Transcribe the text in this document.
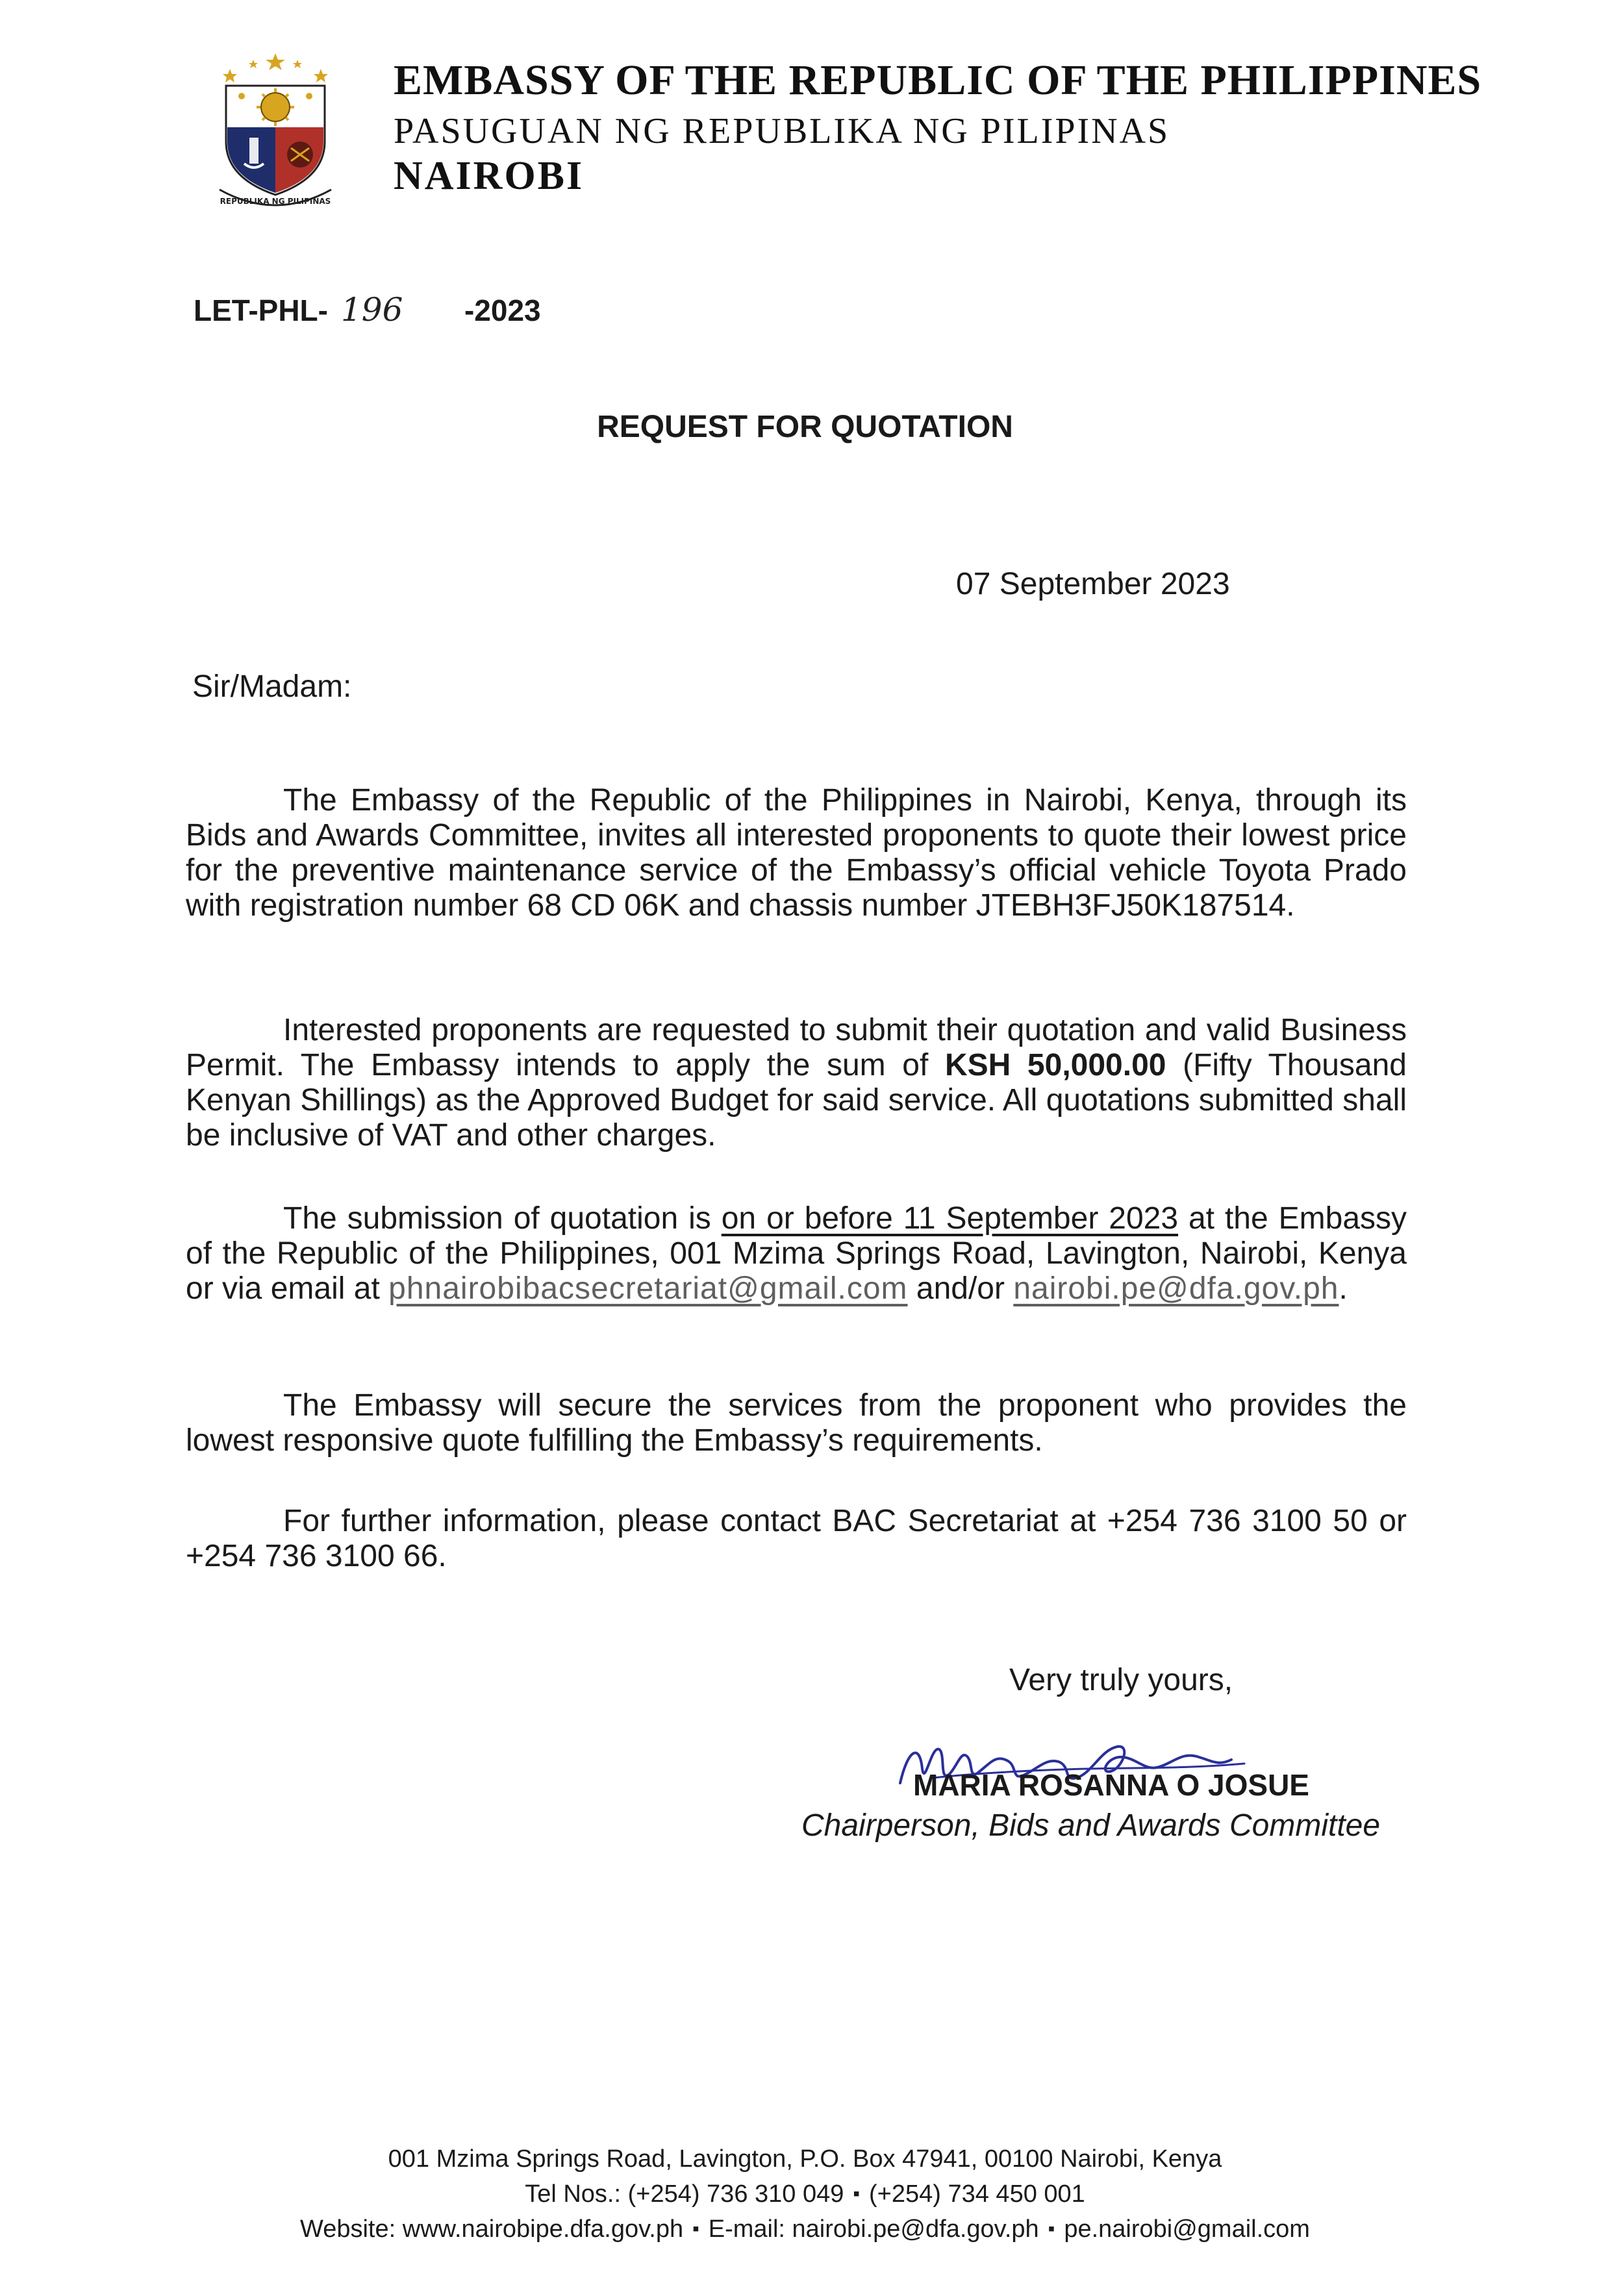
REPUBLIKA NG PILIPINAS
EMBASSY OF THE REPUBLIC OF THE PHILIPPINES
PASUGUAN NG REPUBLIKA NG PILIPINAS
NAIROBI
LET-PHL- 196 -2023
REQUEST FOR QUOTATION
07 September 2023
Sir/Madam:
The Embassy of the Republic of the Philippines in Nairobi, Kenya, through its Bids and Awards Committee, invites all interested proponents to quote their lowest price for the preventive maintenance service of the Embassy’s official vehicle Toyota Prado with registration number 68 CD 06K and chassis number JTEBH3FJ50K187514.
Interested proponents are requested to submit their quotation and valid Business Permit. The Embassy intends to apply the sum of KSH 50,000.00 (Fifty Thousand Kenyan Shillings) as the Approved Budget for said service. All quotations submitted shall be inclusive of VAT and other charges.
The submission of quotation is on or before 11 September 2023 at the Embassy of the Republic of the Philippines, 001 Mzima Springs Road, Lavington, Nairobi, Kenya or via email at phnairobibacsecretariat@gmail.com and/or nairobi.pe@dfa.gov.ph.
The Embassy will secure the services from the proponent who provides the lowest responsive quote fulfilling the Embassy’s requirements.
For further information, please contact BAC Secretariat at +254 736 3100 50 or +254 736 3100 66.
Very truly yours,
MARIA ROSANNA O JOSUE
Chairperson, Bids and Awards Committee
001 Mzima Springs Road, Lavington, P.O. Box 47941, 00100 Nairobi, Kenya
Tel Nos.: (+254) 736 310 049 ▪ (+254) 734 450 001
Website: www.nairobipe.dfa.gov.ph ▪ E-mail: nairobi.pe@dfa.gov.ph ▪ pe.nairobi@gmail.com
